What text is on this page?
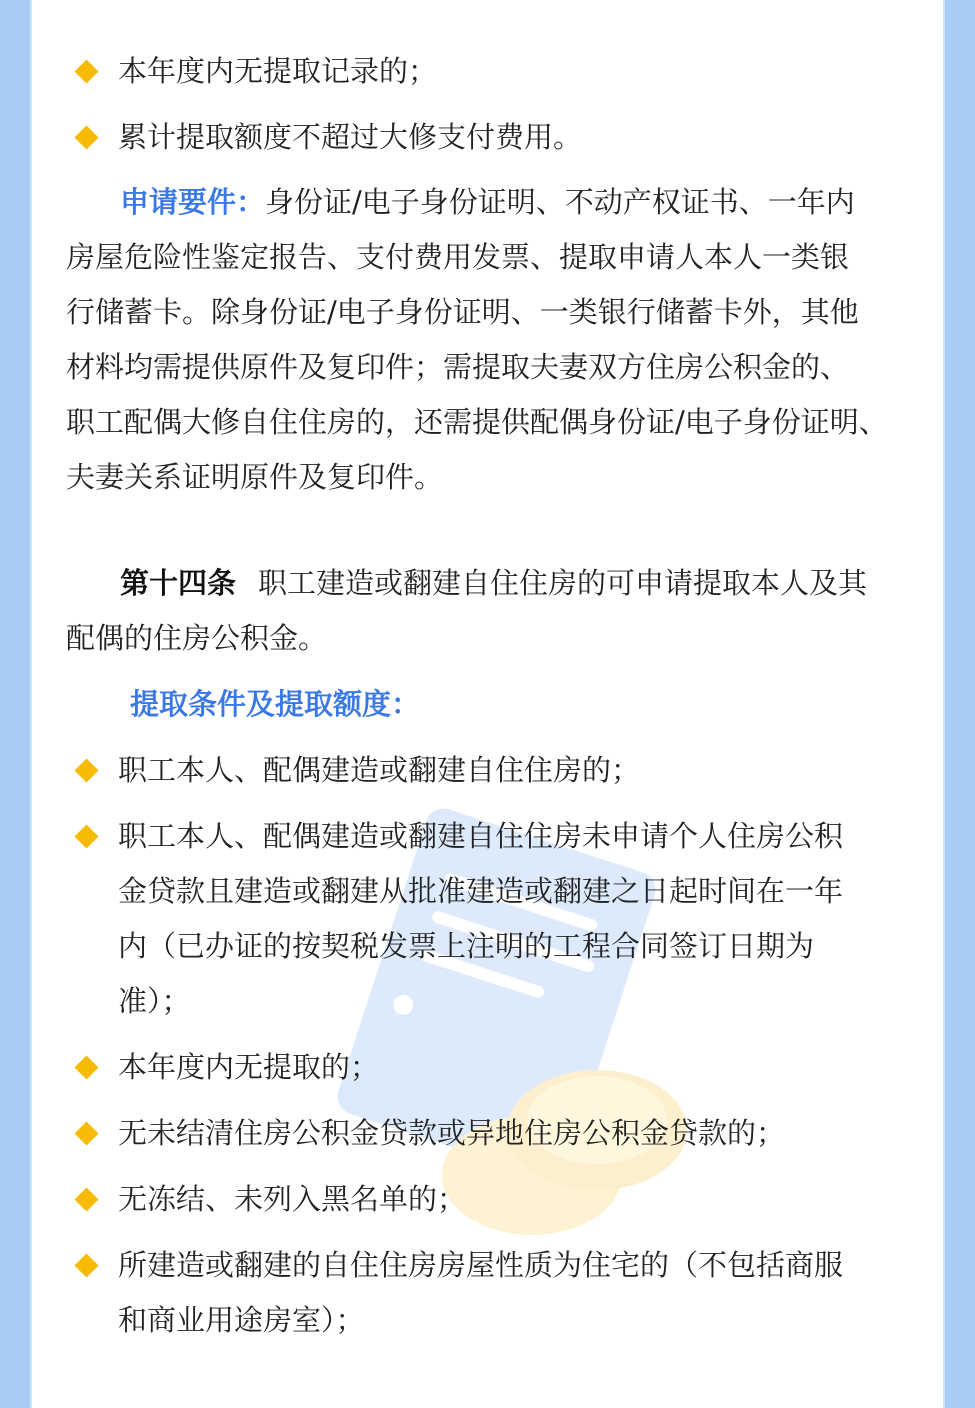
本年度内无提取记录的；
累计提取额度不超过大修支付费用。
申请要件：身份证/电子身份证明、不动产权证书、一年内
房屋危险性鉴定报告、支付费用发票、提取申请人本人一类银
行储蓄卡。除身份证/电子身份证明、一类银行储蓄卡外，其他
材料均需提供原件及复印件；需提取夫妻双方住房公积金的、
职工配偶大修自住住房的，还需提供配偶身份证/电子身份证明、
夫妻关系证明原件及复印件。
第十四条 职工建造或翻建自住住房的可申请提取本人及其
配偶的住房公积金。
提取条件及提取额度：
职工本人、配偶建造或翻建自住住房的；
职工本人、配偶建造或翻建自住住房未申请个人住房公积
金贷款且建造或翻建从批准建造或翻建之日起时间在一年
内（已办证的按契税发票上注明的工程合同签订日期为
准）；
本年度内无提取的；
无未结清住房公积金贷款或异地住房公积金贷款的；
无冻结、未列入黑名单的；
所建造或翻建的自住住房房屋性质为住宅的（不包括商服
和商业用途房室）；
